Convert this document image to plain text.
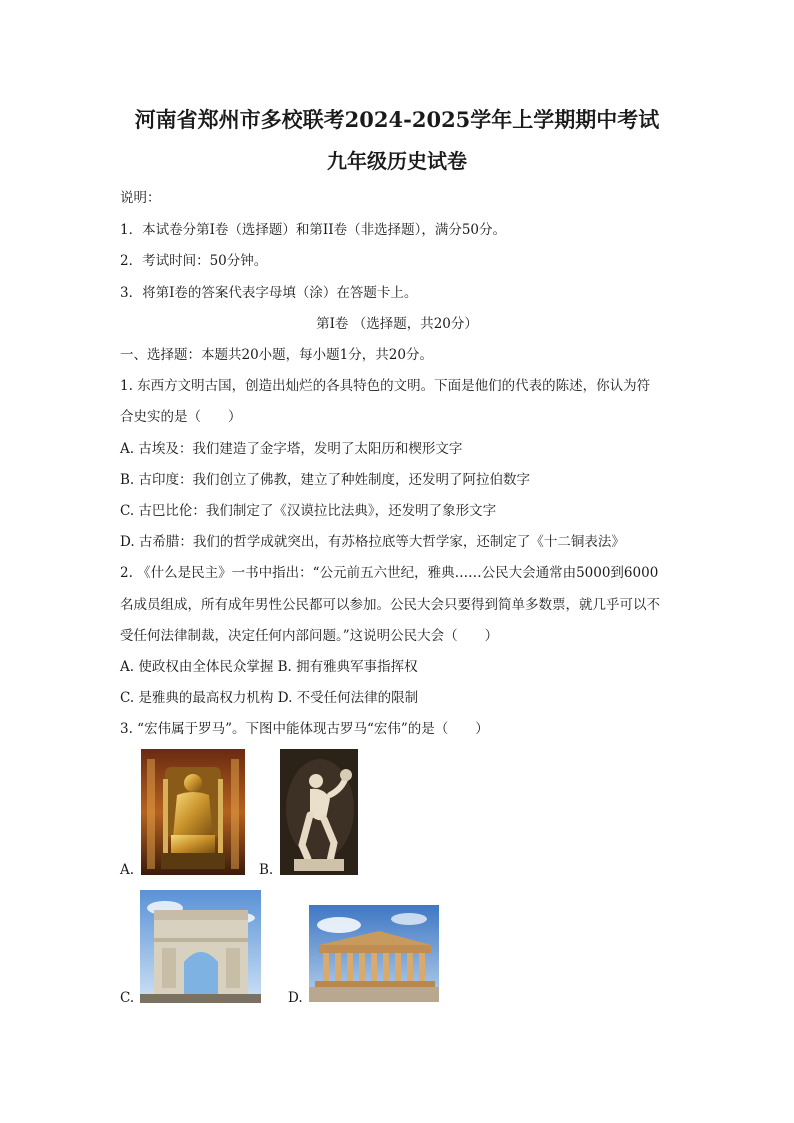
河南省郑州市多校联考2024-2025学年上学期期中考试
九年级历史试卷
说明：
1．本试卷分第I卷（选择题）和第II卷（非选择题），满分50分。
2．考试时间：50分钟。
3．将第I卷的答案代表字母填（涂）在答题卡上。
第I卷 （选择题，共20分）
一、选择题：本题共20小题，每小题1分，共20分。
1. 东西方文明古国，创造出灿烂的各具特色的文明。下面是他们的代表的陈述，你认为符
合史实的是（　　）
A. 古埃及：我们建造了金字塔，发明了太阳历和楔形文字
B. 古印度：我们创立了佛教，建立了种姓制度，还发明了阿拉伯数字
C. 古巴比伦：我们制定了《汉谟拉比法典》，还发明了象形文字
D. 古希腊：我们的哲学成就突出，有苏格拉底等大哲学家，还制定了《十二铜表法》
2. 《什么是民主》一书中指出：“公元前五六世纪，雅典……公民大会通常由5000到6000
名成员组成，所有成年男性公民都可以参加。公民大会只要得到简单多数票，就几乎可以不
受任何法律制裁，决定任何内部问题。”这说明公民大会（　　）
A. 使政权由全体民众掌握 B. 拥有雅典军事指挥权
C. 是雅典的最高权力机构 D. 不受任何法律的限制
3. “宏伟属于罗马”。下图中能体现古罗马“宏伟”的是（　　）
A.	B.
C.	D.
